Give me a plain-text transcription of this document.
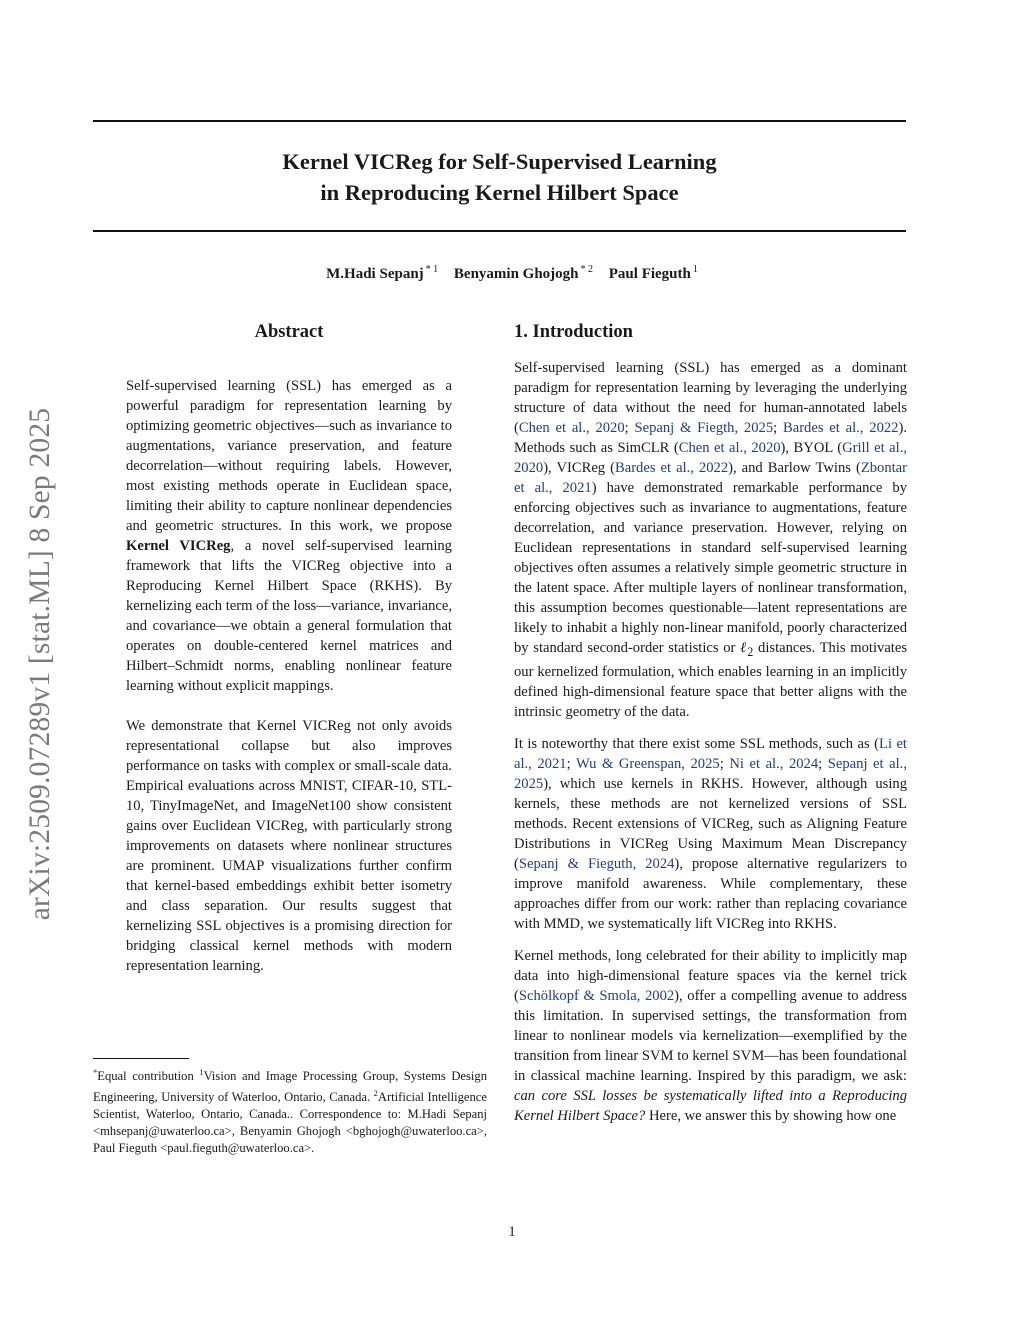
Kernel VICReg for Self-Supervised Learning
in Reproducing Kernel Hilbert Space
M.Hadi Sepanj $^{* 1}$ Benyamin Ghojogh $^{* 2}$ Paul Fieguth $^1$
arXiv:2509.07289v1 [stat.ML] 8 Sep 2025
Abstract

Self-supervised learning (SSL) has emerged as a powerful paradigm for representation learning by optimizing geometric objectives—such as invariance to augmentations, variance preservation, and feature decorrelation—without requiring labels. However, most existing methods operate in Euclidean space, limiting their ability to capture nonlinear dependencies and geometric structures. In this work, we propose Kernel VICReg, a novel self-supervised learning framework that lifts the VICReg objective into a Reproducing Kernel Hilbert Space (RKHS). By kernelizing each term of the loss—variance, invariance, and covariance—we obtain a general formulation that operates on double-centered kernel matrices and Hilbert–Schmidt norms, enabling nonlinear feature learning without explicit mappings.

We demonstrate that Kernel VICReg not only avoids representational collapse but also improves performance on tasks with complex or small-scale data. Empirical evaluations across MNIST, CIFAR-10, STL-10, TinyImageNet, and ImageNet100 show consistent gains over Euclidean VICReg, with particularly strong improvements on datasets where nonlinear structures are prominent. UMAP visualizations further confirm that kernel-based embeddings exhibit better isometry and class separation. Our results suggest that kernelizing SSL objectives is a promising direction for bridging classical kernel methods with modern representation learning.

*Equal contribution $^1$Vision and Image Processing Group, Systems Design Engineering, University of Waterloo, Ontario, Canada. $^2$Artificial Intelligence Scientist, Waterloo, Ontario, Canada.. Correspondence to: M.Hadi Sepanj <mhsepanj@uwaterloo.ca>, Benyamin Ghojogh <bghojogh@uwaterloo.ca>, Paul Fieguth <paul.fieguth@uwaterloo.ca>.

1. Introduction

Self-supervised learning (SSL) has emerged as a dominant paradigm for representation learning by leveraging the underlying structure of data without the need for human-annotated labels (Chen et al., 2020; Sepanj & Fiegth, 2025; Bardes et al., 2022). Methods such as SimCLR (Chen et al., 2020), BYOL (Grill et al., 2020), VICReg (Bardes et al., 2022), and Barlow Twins (Zbontar et al., 2021) have demonstrated remarkable performance by enforcing objectives such as invariance to augmentations, feature decorrelation, and variance preservation. However, relying on Euclidean representations in standard self-supervised learning objectives often assumes a relatively simple geometric structure in the latent space. After multiple layers of nonlinear transformation, this assumption becomes questionable—latent representations are likely to inhabit a highly non-linear manifold, poorly characterized by standard second-order statistics or ℓ$_2$ distances. This motivates our kernelized formulation, which enables learning in an implicitly defined high-dimensional feature space that better aligns with the intrinsic geometry of the data.

It is noteworthy that there exist some SSL methods, such as (Li et al., 2021; Wu & Greenspan, 2025; Ni et al., 2024; Sepanj et al., 2025), which use kernels in RKHS. However, although using kernels, these methods are not kernelized versions of SSL methods. Recent extensions of VICReg, such as Aligning Feature Distributions in VICReg Using Maximum Mean Discrepancy (Sepanj & Fieguth, 2024), propose alternative regularizers to improve manifold awareness. While complementary, these approaches differ from our work: rather than replacing covariance with MMD, we systematically lift VICReg into RKHS.

Kernel methods, long celebrated for their ability to implicitly map data into high-dimensional feature spaces via the kernel trick (Schölkopf & Smola, 2002), offer a compelling avenue to address this limitation. In supervised settings, the transformation from linear to nonlinear models via kernelization—exemplified by the transition from linear SVM to kernel SVM—has been foundational in classical machine learning. Inspired by this paradigm, we ask: can core SSL losses be systematically lifted into a Reproducing Kernel Hilbert Space? Here, we answer this by showing how one

1
